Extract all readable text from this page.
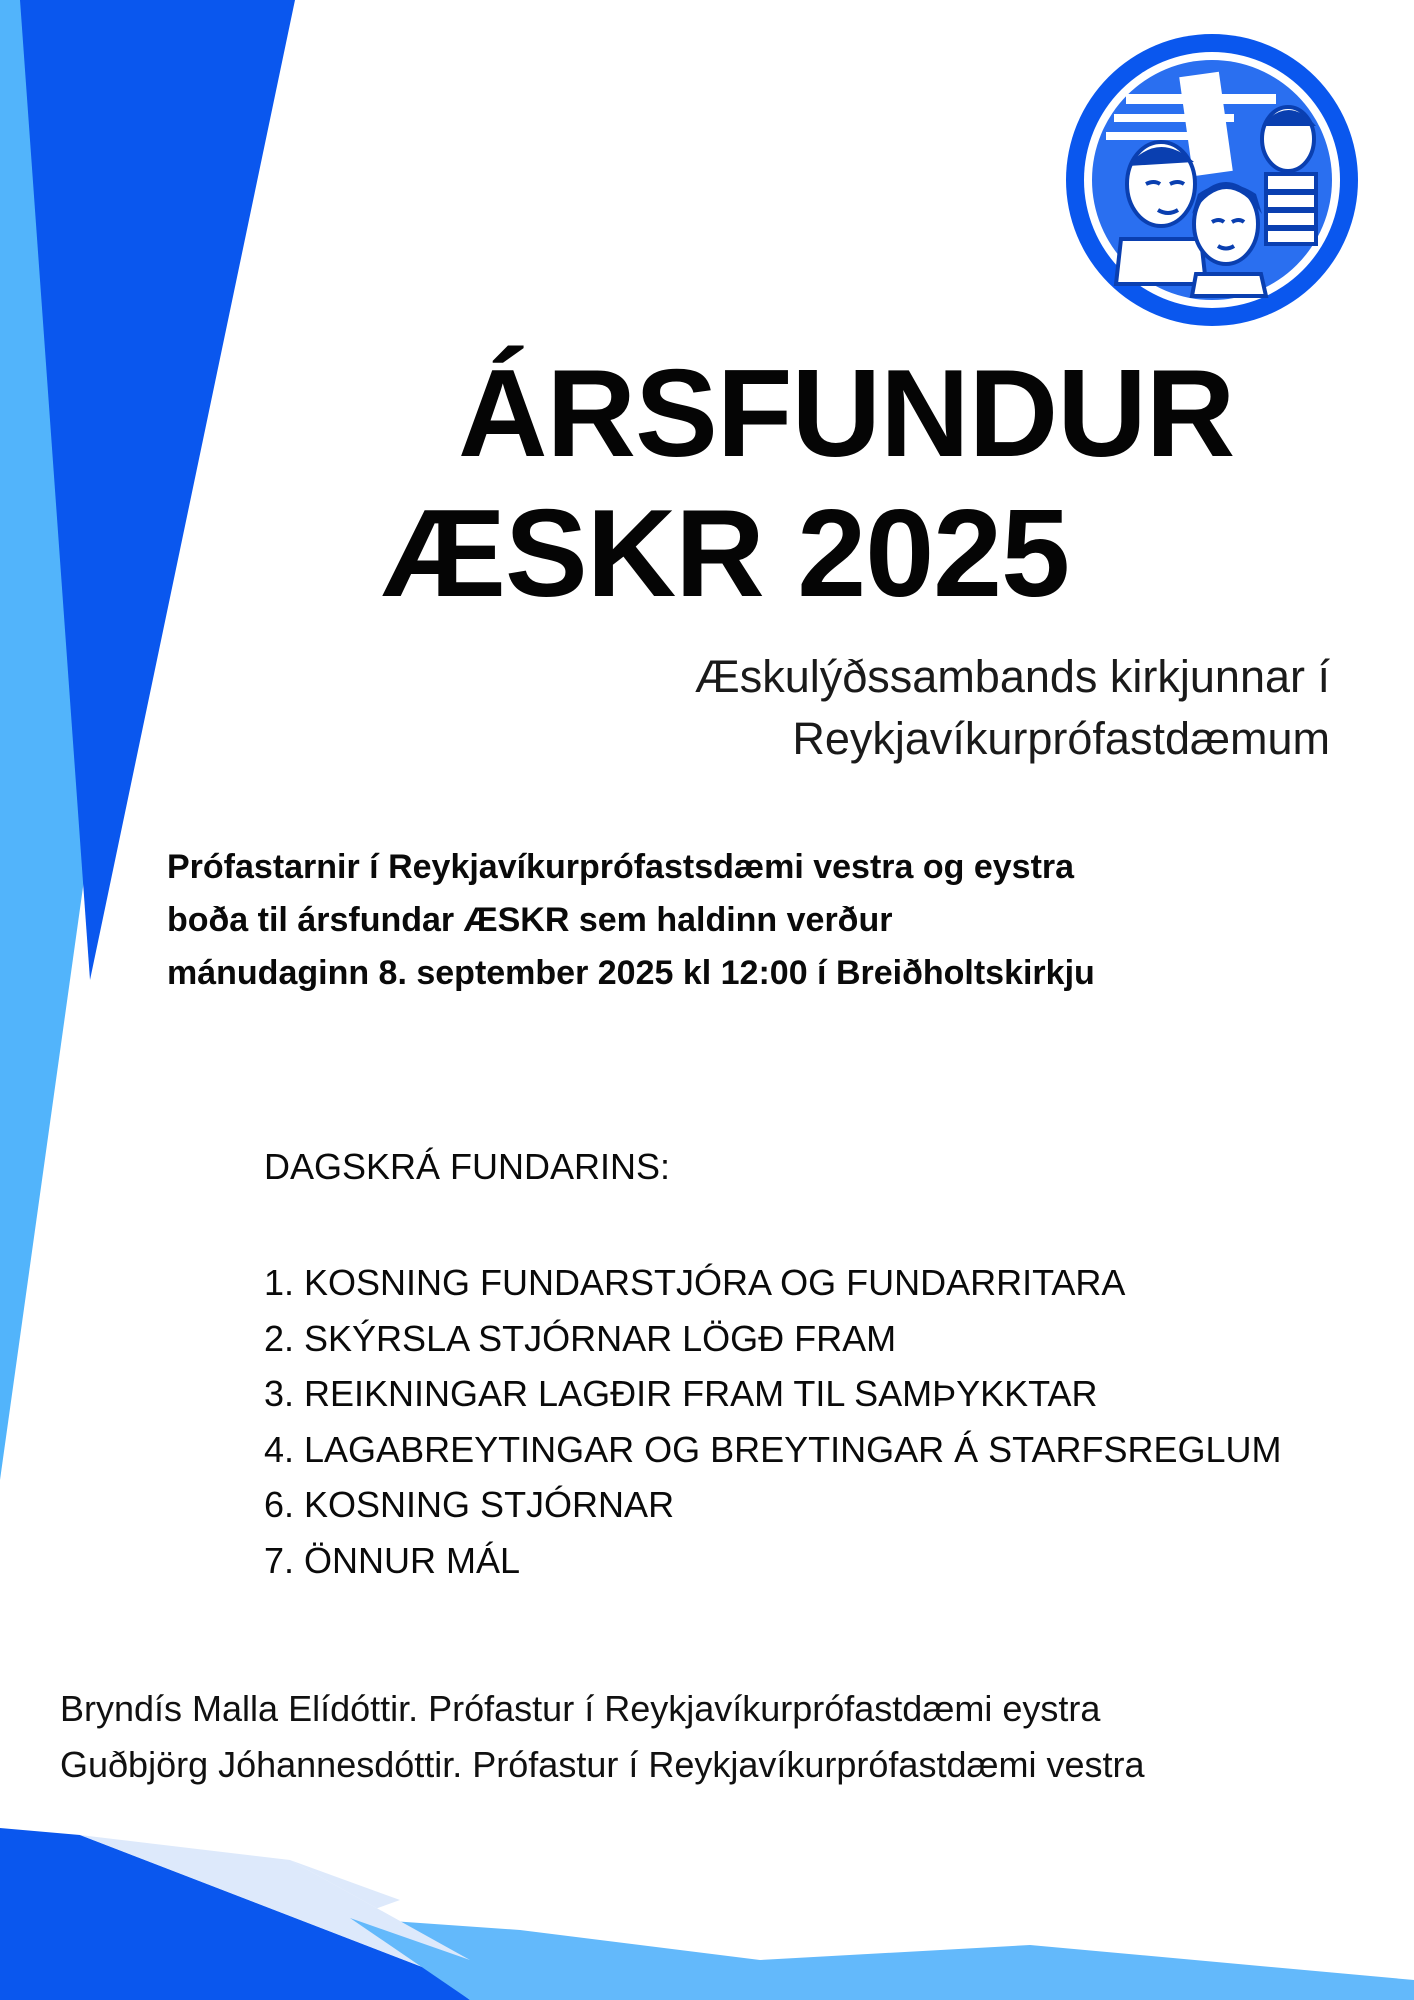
ÁRSFUNDUR
ÆSKR 2025

Æskulýðssambands kirkjunnar í
Reykjavíkurprófastdæmum

Prófastarnir í Reykjavíkurprófastsdæmi vestra og eystra
boða til ársfundar ÆSKR sem haldinn verður
mánudaginn 8. september 2025 kl 12:00 í Breiðholtskirkju

DAGSKRÁ FUNDARINS:
1. KOSNING FUNDARSTJÓRA OG FUNDARRITARA
2. SKÝRSLA STJÓRNAR LÖGÐ FRAM
3. REIKNINGAR LAGÐIR FRAM TIL SAMÞYKKTAR
4. LAGABREYTINGAR OG BREYTINGAR Á STARFSREGLUM
6. KOSNING STJÓRNAR
7. ÖNNUR MÁL

Bryndís Malla Elídóttir. Prófastur í Reykjavíkurprófastdæmi eystra
Guðbjörg Jóhannesdóttir. Prófastur í Reykjavíkurprófastdæmi vestra
